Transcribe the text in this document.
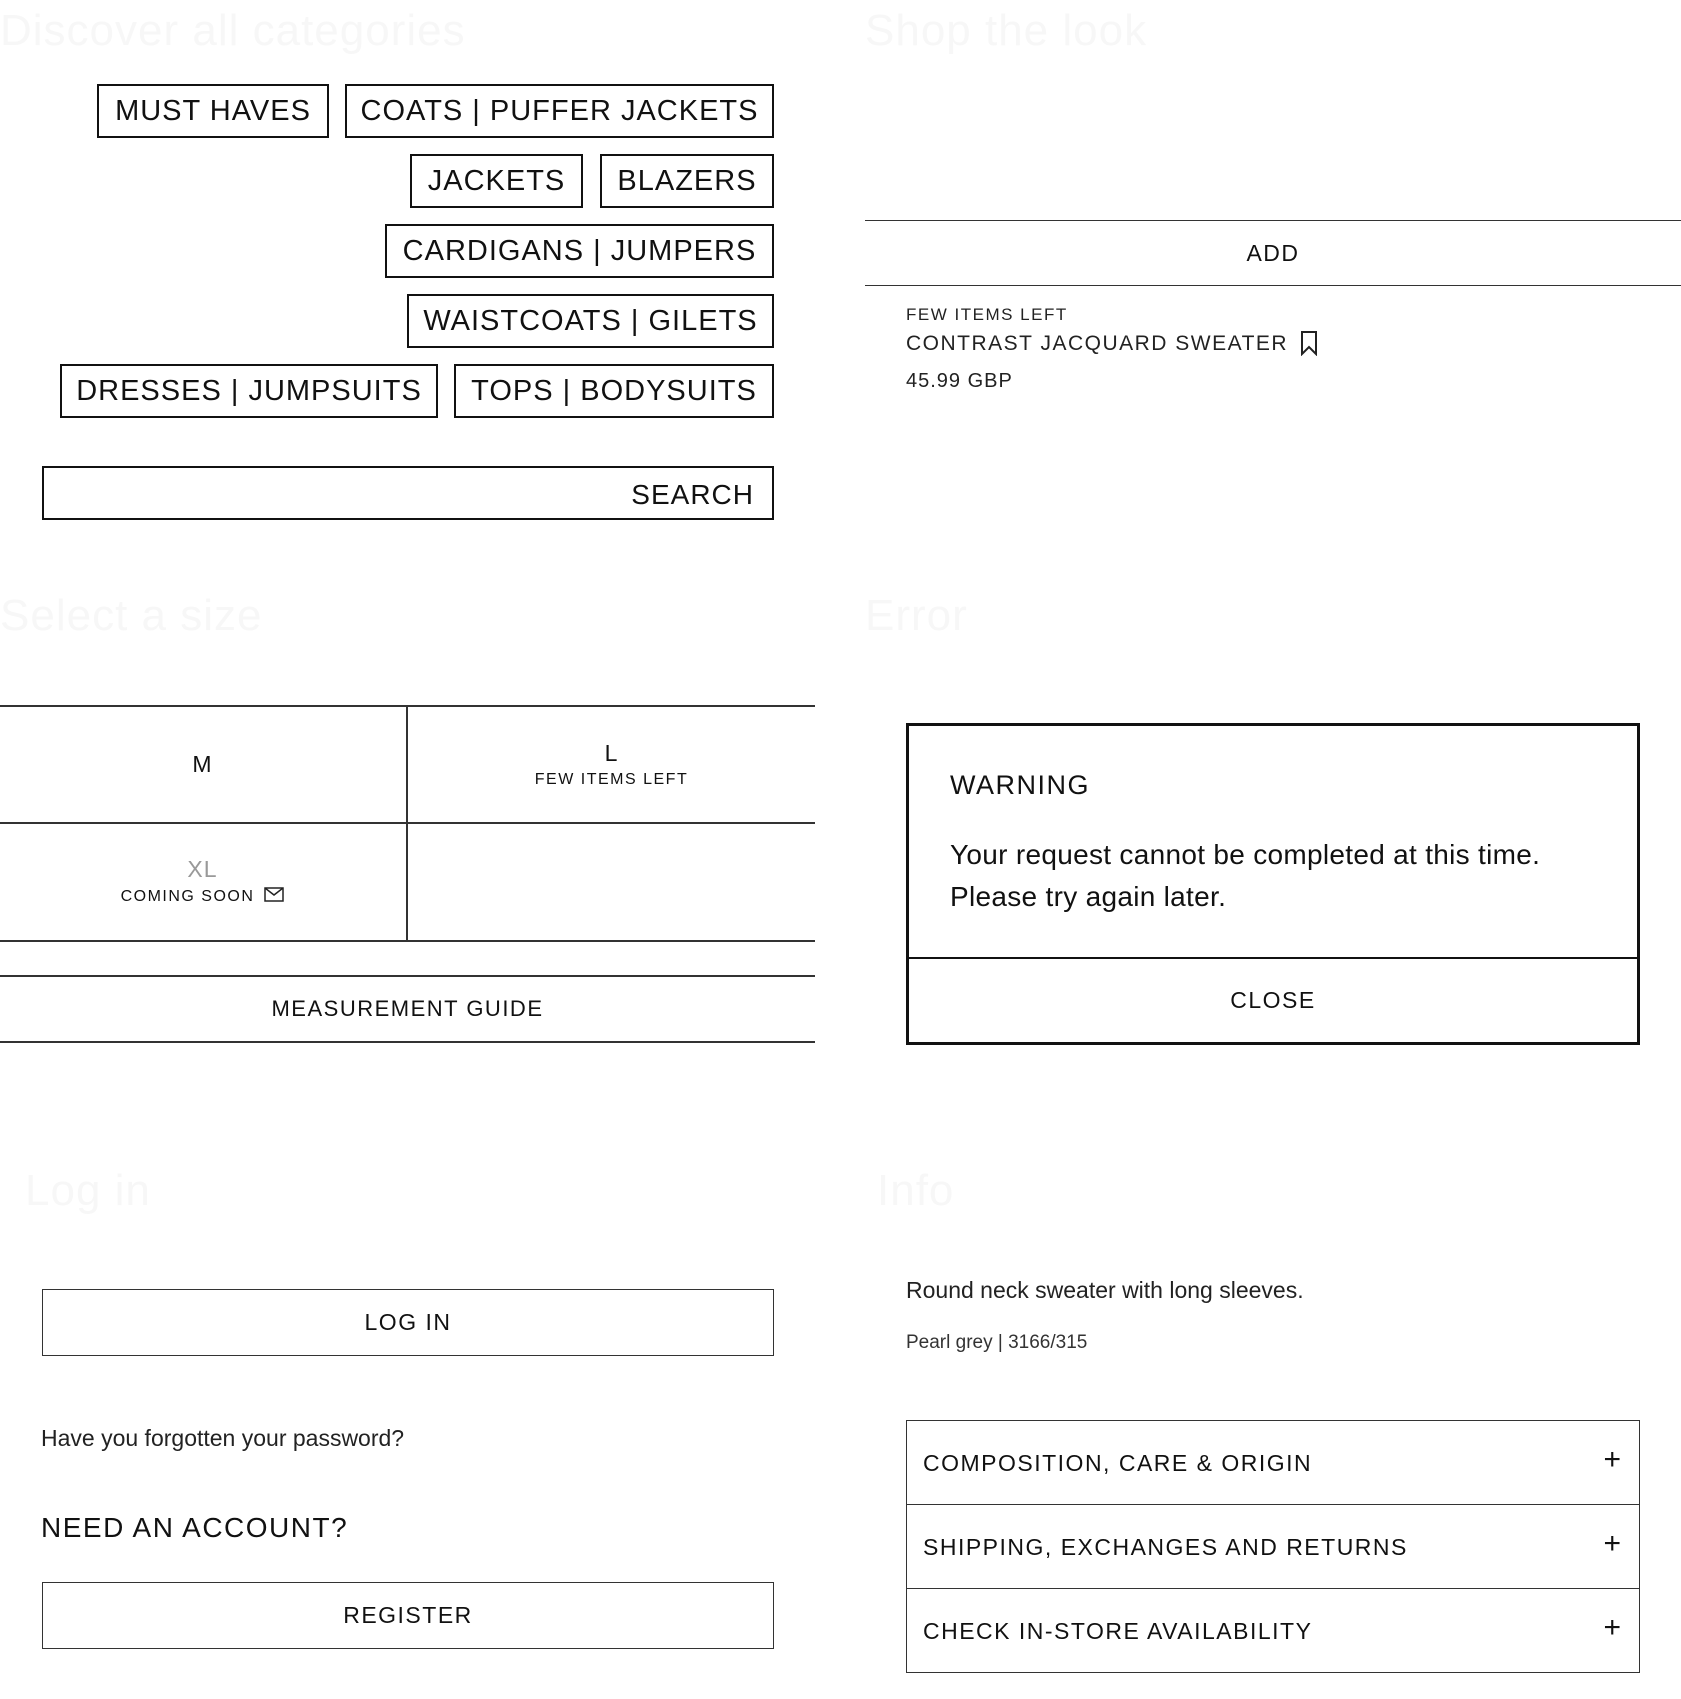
Discover all categories
MUST HAVES	COATS | PUFFER JACKETS
JACKETS	BLAZERS
CARDIGANS | JUMPERS
WAISTCOATS | GILETS
DRESSES | JUMPSUITS	TOPS | BODYSUITS
SEARCH
Shop the look
ADD
FEW ITEMS LEFT
CONTRAST JACQUARD SWEATER
45.99 GBP
Select a size
M	L
FEW ITEMS LEFT
XL
COMING SOON
MEASUREMENT GUIDE
Error
WARNING
Your request cannot be completed at this time. Please try again later.
CLOSE
Log in
LOG IN
Have you forgotten your password?
NEED AN ACCOUNT?
REGISTER
Info
Round neck sweater with long sleeves.
Pearl grey | 3166/315
COMPOSITION, CARE & ORIGIN	+
SHIPPING, EXCHANGES AND RETURNS	+
CHECK IN-STORE AVAILABILITY	+
